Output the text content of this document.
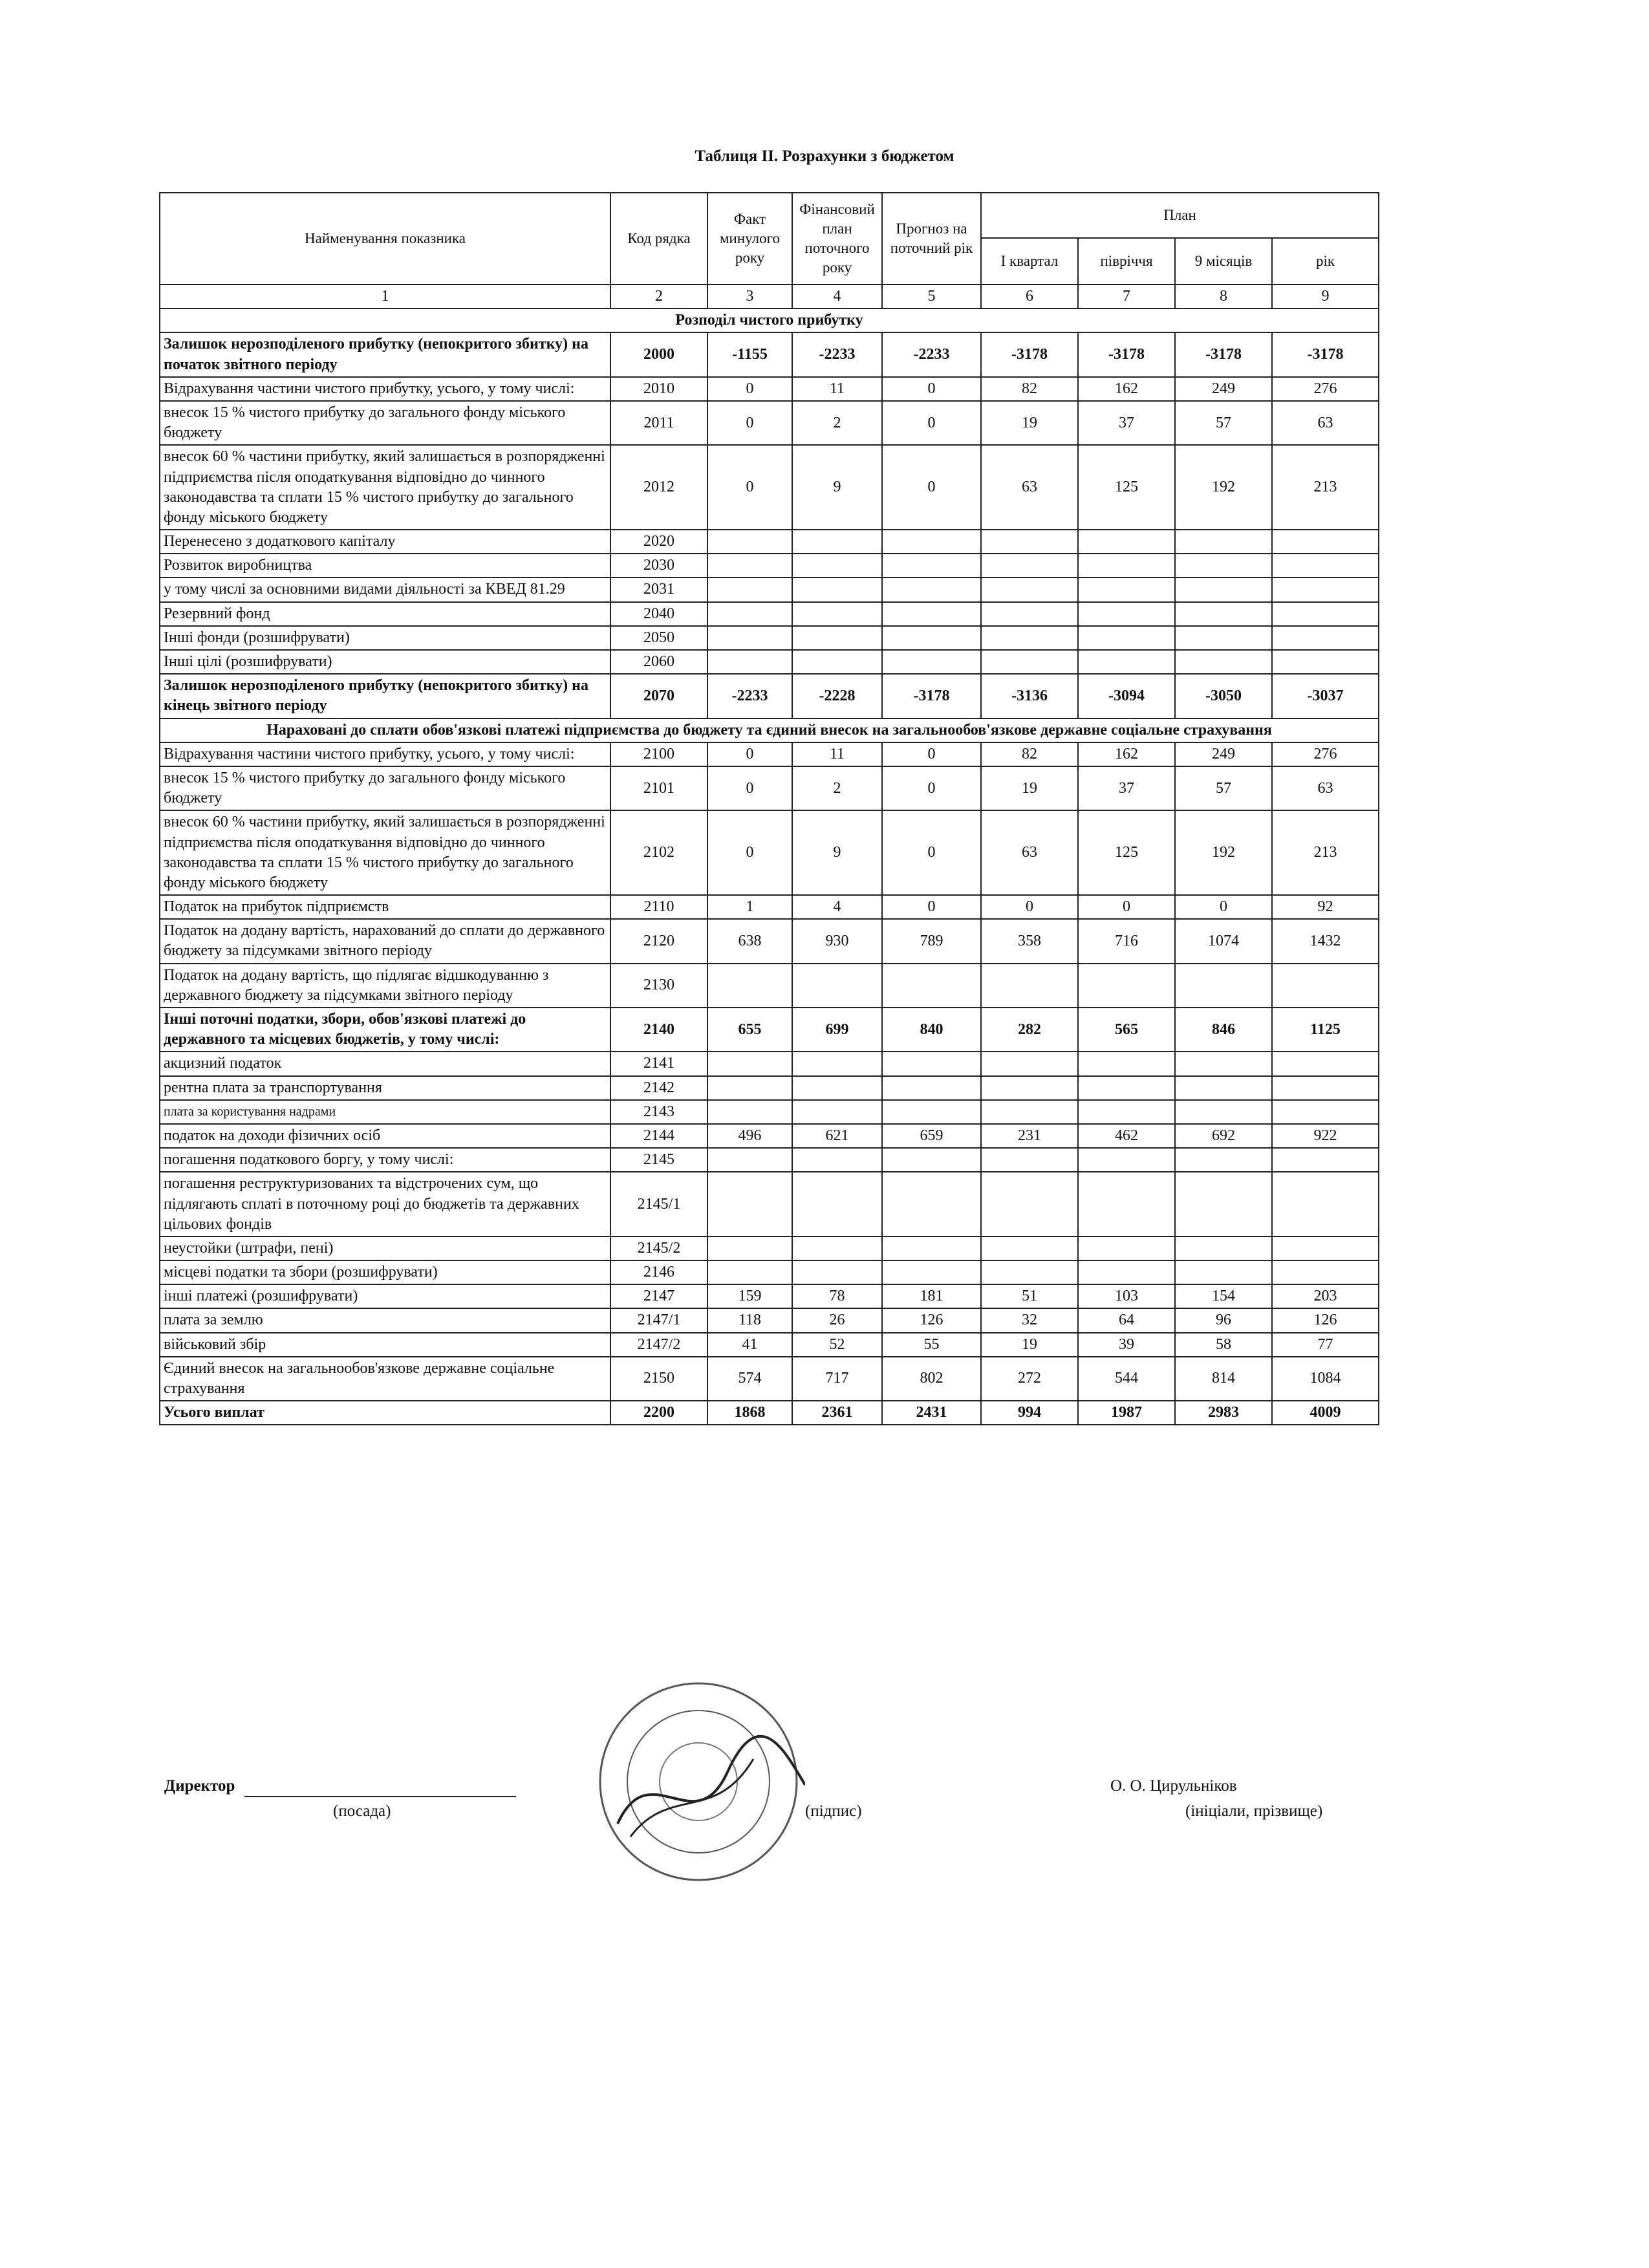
Таблиця ІІ. Розрахунки з бюджетом
Найменування показника	Код рядка	Факт минулого року	Фінансовий план поточного року	Прогноз на поточний рік	План			
					І квартал	півріччя	9 місяців	рік
1	2	3	4	5	6	7	8	9
Розподіл чистого прибутку								
Залишок нерозподіленого прибутку (непокритого збитку) на початок звітного періоду	2000	-1155	-2233	-2233	-3178	-3178	-3178	-3178
Відрахування частини чистого прибутку, усього, у тому числі:	2010	0	11	0	82	162	249	276
внесок 15 % чистого прибутку до загального фонду міського бюджету	2011	0	2	0	19	37	57	63
внесок 60 % частини прибутку, який залишається в розпорядженні підприємства після оподаткування відповідно до чинного законодавства та сплати 15 % чистого прибутку до загального фонду міського бюджету	2012	0	9	0	63	125	192	213
Перенесено з додаткового капіталу	2020							
Розвиток виробництва	2030							
у тому числі за основними видами діяльності за КВЕД 81.29	2031							
Резервний фонд	2040							
Інші фонди (розшифрувати)	2050							
Інші цілі (розшифрувати)	2060							
Залишок нерозподіленого прибутку (непокритого збитку) на кінець звітного періоду	2070	-2233	-2228	-3178	-3136	-3094	-3050	-3037
Нараховані до сплати обов'язкові платежі підприємства до бюджету та єдиний внесок на загальнообов'язкове державне соціальне страхування								
Відрахування частини чистого прибутку, усього, у тому числі:	2100	0	11	0	82	162	249	276
внесок 15 % чистого прибутку до загального фонду міського бюджету	2101	0	2	0	19	37	57	63
внесок 60 % частини прибутку, який залишається в розпорядженні підприємства після оподаткування відповідно до чинного законодавства та сплати 15 % чистого прибутку до загального фонду міського бюджету	2102	0	9	0	63	125	192	213
Податок на прибуток підприємств	2110	1	4	0	0	0	0	92
Податок на додану вартість, нарахований до сплати до державного бюджету за підсумками звітного періоду	2120	638	930	789	358	716	1074	1432
Податок на додану вартість, що підлягає відшкодуванню з державного бюджету за підсумками звітного періоду	2130							
Інші поточні податки, збори, обов'язкові платежі до державного та місцевих бюджетів, у тому числі:	2140	655	699	840	282	565	846	1125
акцизний податок	2141							
рентна плата за транспортування	2142							
плата за користування надрами	2143							
податок на доходи фізичних осіб	2144	496	621	659	231	462	692	922
погашення податкового боргу, у тому числі:	2145							
погашення реструктуризованих та відстрочених сум, що підлягають сплаті в поточному році до бюджетів та державних цільових фондів	2145/1							
неустойки (штрафи, пені)	2145/2							
місцеві податки та збори (розшифрувати)	2146							
інші платежі (розшифрувати)	2147	159	78	181	51	103	154	203
плата за землю	2147/1	118	26	126	32	64	96	126
військовий збір	2147/2	41	52	55	19	39	58	77
Єдиний внесок на загальнообов'язкове державне соціальне страхування	2150	574	717	802	272	544	814	1084
Усього виплат	2200	1868	2361	2431	994	1987	2983	4009
Директор
(посада)	(підпис)
О. О. Цирульніков
(ініціали, прізвище)
